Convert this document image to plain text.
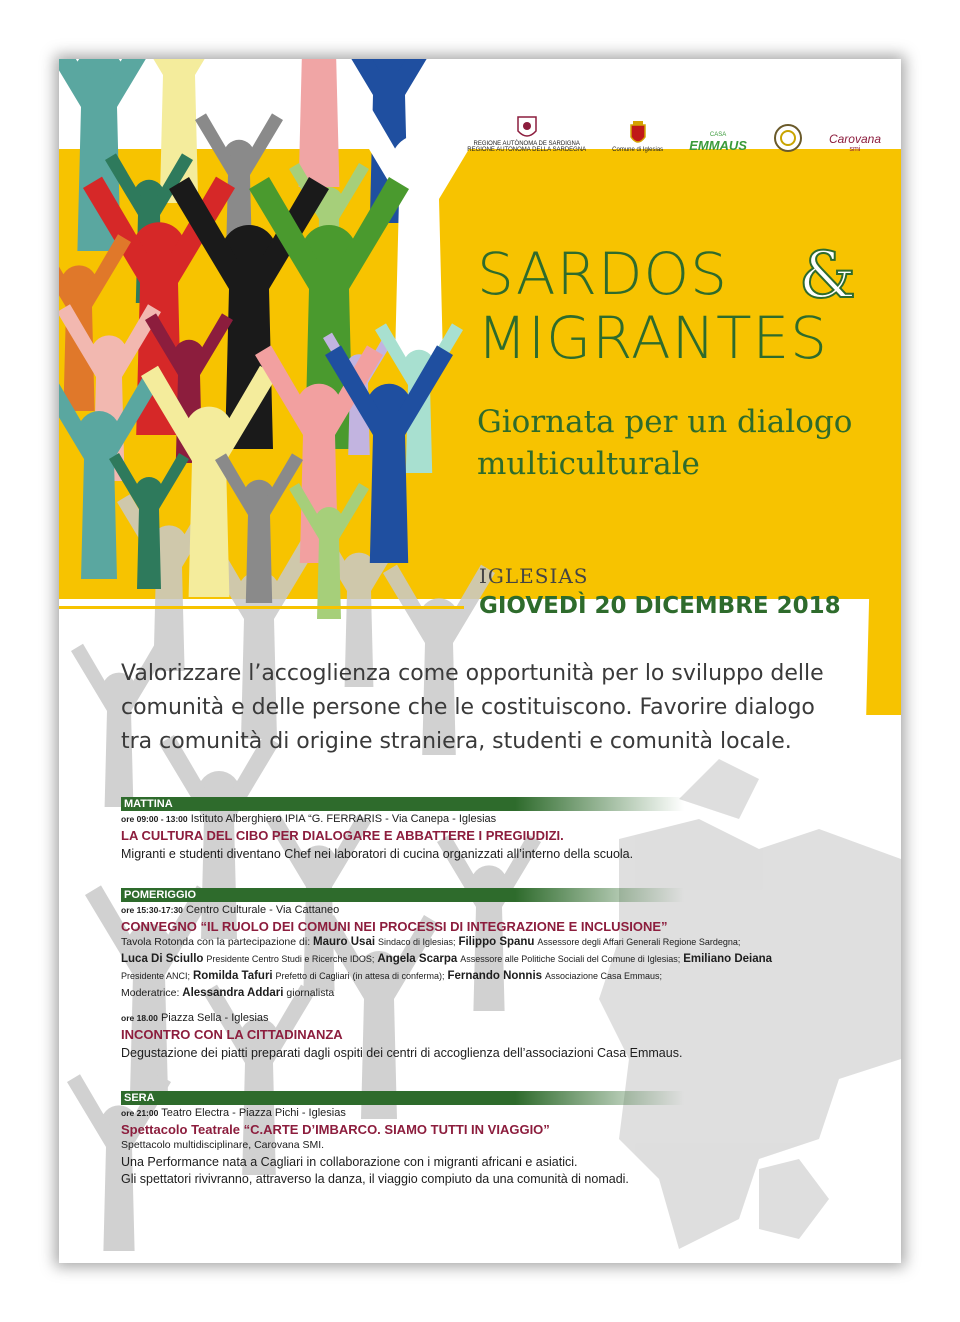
REGIONE AUTÒNOMA DE SARDIGNA
REGIONE AUTONOMA DELLA SARDEGNA	Comune di Iglesias
CASA
EMMAUS	Carovana
smi
SARDOS
MIGRANTES
&
Giornata per un dialogo
multiculturale
IGLESIAS
GIOVEDÌ 20 DICEMBRE 2018
Valorizzare l’accoglienza come opportunità per lo sviluppo delle
comunità e delle persone che le costituiscono. Favorire dialogo
tra comunità di origine straniera, studenti e comunità locale.
MATTINA
ore 09:00 - 13:00 Istituto Alberghiero IPIA “G. FERRARIS - Via Canepa - Iglesias
LA CULTURA DEL CIBO PER DIALOGARE E ABBATTERE I PREGIUDIZI.
Migranti e studenti diventano Chef nei laboratori di cucina organizzati all’interno della scuola.
POMERIGGIO
ore 15:30-17:30 Centro Culturale - Via Cattaneo
CONVEGNO “IL RUOLO DEI COMUNI NEI PROCESSI DI INTEGRAZIONE E INCLUSIONE”
Tavola Rotonda con la partecipazione di: Mauro Usai Sindaco di Iglesias; Filippo Spanu Assessore degli Affari Generali Regione Sardegna;
Luca Di Sciullo Presidente Centro Studi e Ricerche IDOS; Angela Scarpa Assessore alle Politiche Sociali del Comune di Iglesias; Emiliano Deiana
Presidente ANCI; Romilda Tafuri Prefetto di Cagliari (in attesa di conferma); Fernando Nonnis Associazione Casa Emmaus;
Moderatrice: Alessandra Addari giornalista
ore 18.00 Piazza Sella - Iglesias
INCONTRO CON LA CITTADINANZA
Degustazione dei piatti preparati dagli ospiti dei centri di accoglienza dell’associazioni Casa Emmaus.
SERA
ore 21:00 Teatro Electra - Piazza Pichi - Iglesias
Spettacolo Teatrale “C.ARTE D’IMBARCO. SIAMO TUTTI IN VIAGGIO”
Spettacolo multidisciplinare, Carovana SMI.
Una Performance nata a Cagliari in collaborazione con i migranti africani e asiatici.
Gli spettatori rivivranno, attraverso la danza, il viaggio compiuto da una comunità di nomadi.
